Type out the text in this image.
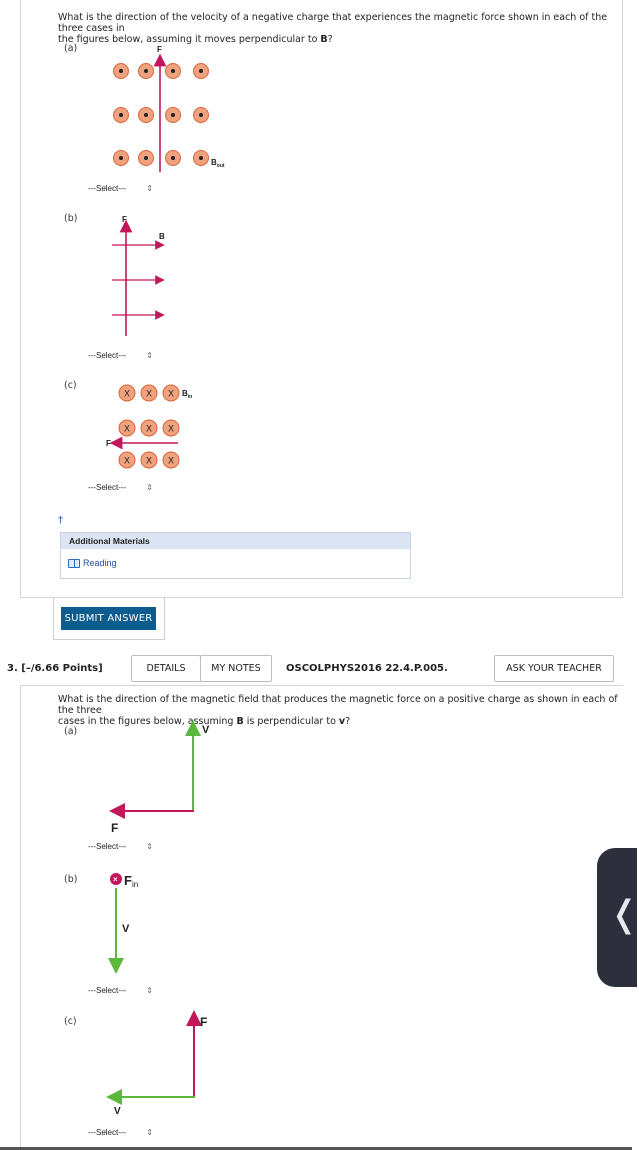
What is the direction of the velocity of a negative charge that experiences the magnetic force shown in each of the three cases in
the figures below, assuming it moves perpendicular to B?
(a)	F
$B_{out}$
---Select---	⇕
(b)	F
B
---Select---	⇕
(c)
X X X
X X X
X X X
F
$B_{in}$
---Select---	⇕
†
Additional Materials
Reading
SUBMIT ANSWER
3. [–/6.66 Points]	DETAILS	MY NOTES	OSCOLPHYS2016 22.4.P.005.	ASK YOUR TEACHER
What is the direction of the magnetic field that produces the magnetic force on a positive charge as shown in each of the three
cases in the figures below, assuming B is perpendicular to v?
(a)	V
F
---Select---	⇕
(b)	× Fin
V
---Select---	⇕
(c)	F
V
---Select---	⇕
❬
